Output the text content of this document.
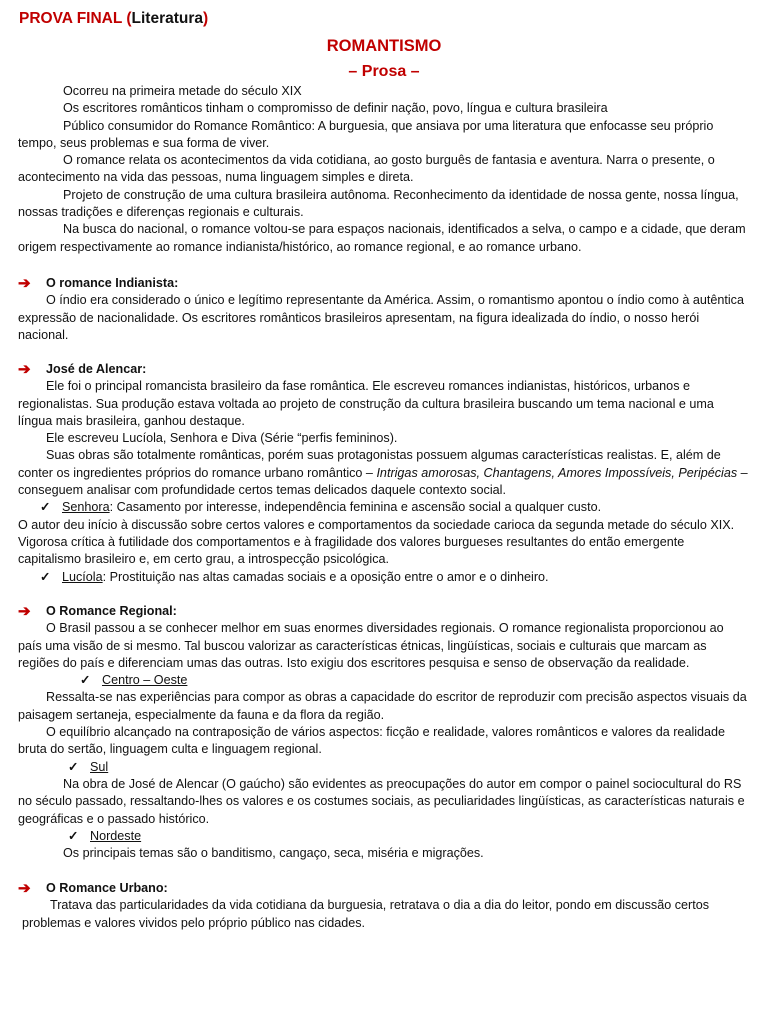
PROVA FINAL (Literatura)
ROMANTISMO
– Prosa –

Ocorreu na primeira metade do século XIX

Os escritores românticos tinham o compromisso de definir nação, povo, língua e cultura brasileira

Público consumidor do Romance Romântico: A burguesia, que ansiava por uma literatura que enfocasse seu próprio tempo, seus problemas e sua forma de viver.

O romance relata os acontecimentos da vida cotidiana, ao gosto burguês de fantasia e aventura. Narra o presente, o acontecimento na vida das pessoas, numa linguagem simples e direta.

Projeto de construção de uma cultura brasileira autônoma. Reconhecimento da identidade de nossa gente, nossa língua, nossas tradições e diferenças regionais e culturais.

Na busca do nacional, o romance voltou-se para espaços nacionais, identificados a selva, o campo e a cidade, que deram origem respectivamente ao romance indianista/histórico, ao romance regional, e ao romance urbano.

➔	O romance Indianista:

O índio era considerado o único e legítimo representante da América. Assim, o romantismo apontou o índio como à autêntica expressão de nacionalidade. Os escritores românticos brasileiros apresentam, na figura idealizada do índio, o nosso herói nacional.

➔	José de Alencar:

Ele foi o principal romancista brasileiro da fase romântica. Ele escreveu romances indianistas, históricos, urbanos e regionalistas. Sua produção estava voltada ao projeto de construção da cultura brasileira buscando um tema nacional e uma língua mais brasileira, ganhou destaque.

Ele escreveu Lucíola, Senhora e Diva (Série “perfis femininos).

Suas obras são totalmente românticas, porém suas protagonistas possuem algumas características realistas. E, além de conter os ingredientes próprios do romance urbano romântico – Intrigas amorosas, Chantagens, Amores Impossíveis, Peripécias – conseguem analisar com profundidade certos temas delicados daquele contexto social.

✓ Senhora: Casamento por interesse, independência feminina e ascensão social a qualquer custo.

O autor deu início à discussão sobre certos valores e comportamentos da sociedade carioca da segunda metade do século XIX. Vigorosa crítica à futilidade dos comportamentos e à fragilidade dos valores burgueses resultantes do então emergente capitalismo brasileiro e, em certo grau, a introspecção psicológica.

✓ Lucíola: Prostituição nas altas camadas sociais e a oposição entre o amor e o dinheiro.

➔	O Romance Regional:

O Brasil passou a se conhecer melhor em suas enormes diversidades regionais. O romance regionalista proporcionou ao país uma visão de si mesmo. Tal buscou valorizar as características étnicas, lingüísticas, sociais e culturais que marcam as regiões do país e diferenciam umas das outras. Isto exigiu dos escritores pesquisa e senso de observação da realidade.

✓ Centro – Oeste

Ressalta-se nas experiências para compor as obras a capacidade do escritor de reproduzir com precisão aspectos visuais da paisagem sertaneja, especialmente da fauna e da flora da região.

O equilíbrio alcançado na contraposição de vários aspectos: ficção e realidade, valores românticos e valores da realidade bruta do sertão, linguagem culta e linguagem regional.

✓ Sul

Na obra de José de Alencar (O gaúcho) são evidentes as preocupações do autor em compor o painel sociocultural do RS no século passado, ressaltando-lhes os valores e os costumes sociais, as peculiaridades lingüísticas, as características naturais e geográficas e o passado histórico.

✓ Nordeste

Os principais temas são o banditismo, cangaço, seca, miséria e migrações.

➔	O Romance Urbano:

Tratava das particularidades da vida cotidiana da burguesia, retratava o dia a dia do leitor, pondo em discussão certos problemas e valores vividos pelo próprio público nas cidades.
